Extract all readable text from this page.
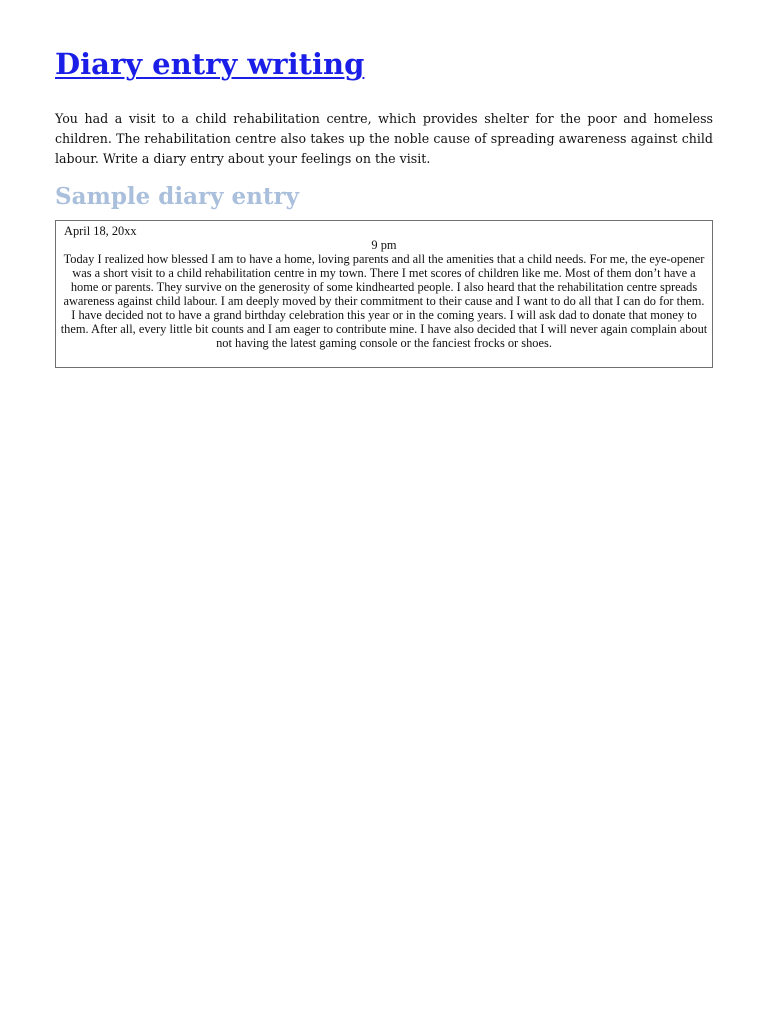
Diary entry writing

You had a visit to a child rehabilitation centre, which provides shelter for the poor and homeless children. The rehabilitation centre also takes up the noble cause of spreading awareness against child labour. Write a diary entry about your feelings on the visit.

Sample diary entry
April 18, 20xx
9 pm

Today I realized how blessed I am to have a home, loving parents and all the amenities that a child needs. For me, the eye-opener was a short visit to a child rehabilitation centre in my town. There I met scores of children like me. Most of them don’t have a home or parents. They survive on the generosity of some kindhearted people. I also heard that the rehabilitation centre spreads awareness against child labour. I am deeply moved by their commitment to their cause and I want to do all that I can do for them. I have decided not to have a grand birthday celebration this year or in the coming years. I will ask dad to donate that money to them. After all, every little bit counts and I am eager to contribute mine. I have also decided that I will never again complain about not having the latest gaming console or the fanciest frocks or shoes.
